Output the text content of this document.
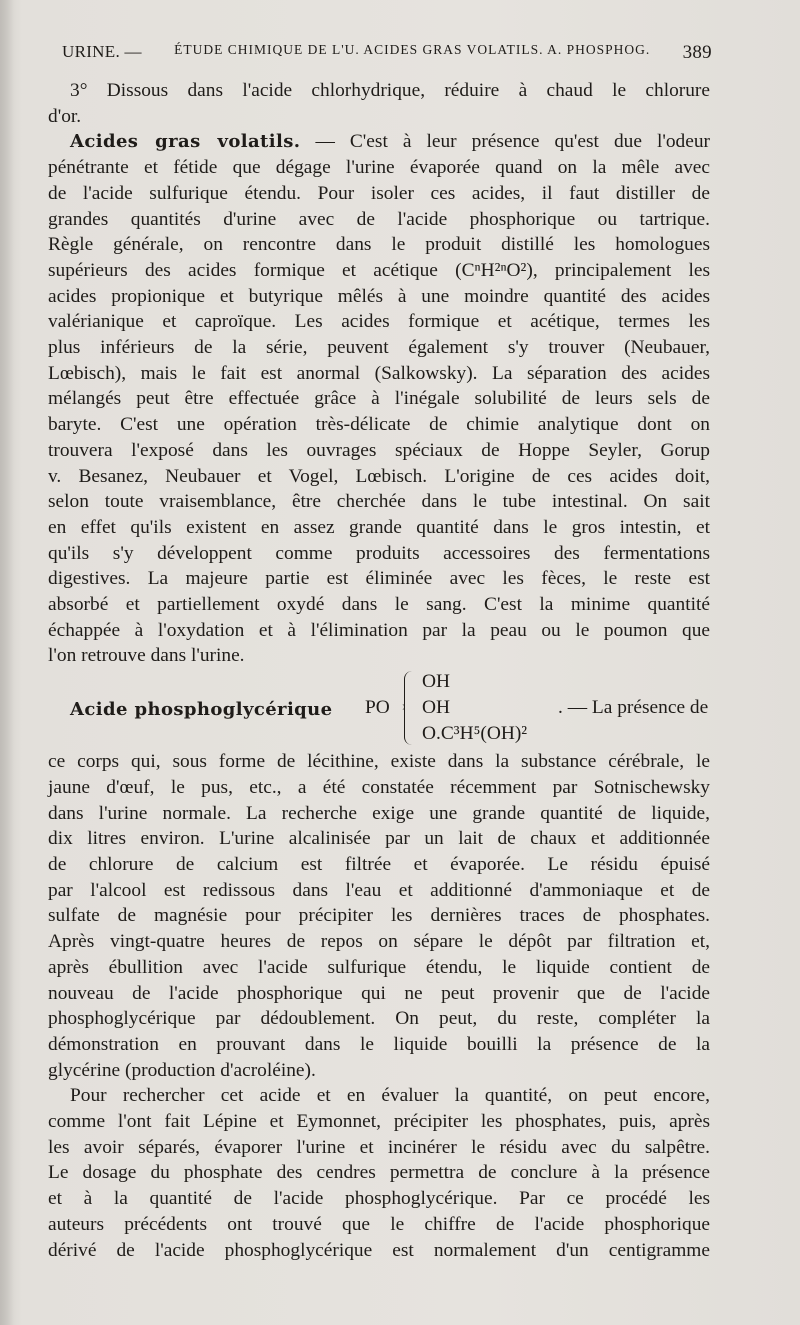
URINE. — ÉTUDE CHIMIQUE DE L'U. ACIDES GRAS VOLATILS. A. PHOSPHOG. 389

3° Dissous dans l'acide chlorhydrique, réduire à chaud le chlorure

d'or.

Acides gras volatils. — C'est à leur présence qu'est due l'odeur

pénétrante et fétide que dégage l'urine évaporée quand on la mêle avec

de l'acide sulfurique étendu. Pour isoler ces acides, il faut distiller de

grandes quantités d'urine avec de l'acide phosphorique ou tartrique.

Règle générale, on rencontre dans le produit distillé les homologues

supérieurs des acides formique et acétique (CⁿH²ⁿO²), principalement les

acides propionique et butyrique mêlés à une moindre quantité des acides

valérianique et caproïque. Les acides formique et acétique, termes les

plus inférieurs de la série, peuvent également s'y trouver (Neubauer,

Lœbisch), mais le fait est anormal (Salkowsky). La séparation des acides

mélangés peut être effectuée grâce à l'inégale solubilité de leurs sels de

baryte. C'est une opération très-délicate de chimie analytique dont on

trouvera l'exposé dans les ouvrages spéciaux de Hoppe Seyler, Gorup

v. Besanez, Neubauer et Vogel, Lœbisch. L'origine de ces acides doit,

selon toute vraisemblance, être cherchée dans le tube intestinal. On sait

en effet qu'ils existent en assez grande quantité dans le gros intestin, et

qu'ils s'y développent comme produits accessoires des fermentations

digestives. La majeure partie est éliminée avec les fèces, le reste est

absorbé et partiellement oxydé dans le sang. C'est la minime quantité

échappée à l'oxydation et à l'élimination par la peau ou le poumon que

l'on retrouve dans l'urine.

Acide phosphoglycérique PO
OH
OH
O.C³H⁵(OH)²
. — La présence de

ce corps qui, sous forme de lécithine, existe dans la substance cérébrale, le

jaune d'œuf, le pus, etc., a été constatée récemment par Sotnischewsky

dans l'urine normale. La recherche exige une grande quantité de liquide,

dix litres environ. L'urine alcalinisée par un lait de chaux et additionnée

de chlorure de calcium est filtrée et évaporée. Le résidu épuisé

par l'alcool est redissous dans l'eau et additionné d'ammoniaque et de

sulfate de magnésie pour précipiter les dernières traces de phosphates.

Après vingt-quatre heures de repos on sépare le dépôt par filtration et,

après ébullition avec l'acide sulfurique étendu, le liquide contient de

nouveau de l'acide phosphorique qui ne peut provenir que de l'acide

phosphoglycérique par dédoublement. On peut, du reste, compléter la

démonstration en prouvant dans le liquide bouilli la présence de la

glycérine (production d'acroléine).

Pour rechercher cet acide et en évaluer la quantité, on peut encore,

comme l'ont fait Lépine et Eymonnet, précipiter les phosphates, puis, après

les avoir séparés, évaporer l'urine et incinérer le résidu avec du salpêtre.

Le dosage du phosphate des cendres permettra de conclure à la présence

et à la quantité de l'acide phosphoglycérique. Par ce procédé les

auteurs précédents ont trouvé que le chiffre de l'acide phosphorique

dérivé de l'acide phosphoglycérique est normalement d'un centigramme
